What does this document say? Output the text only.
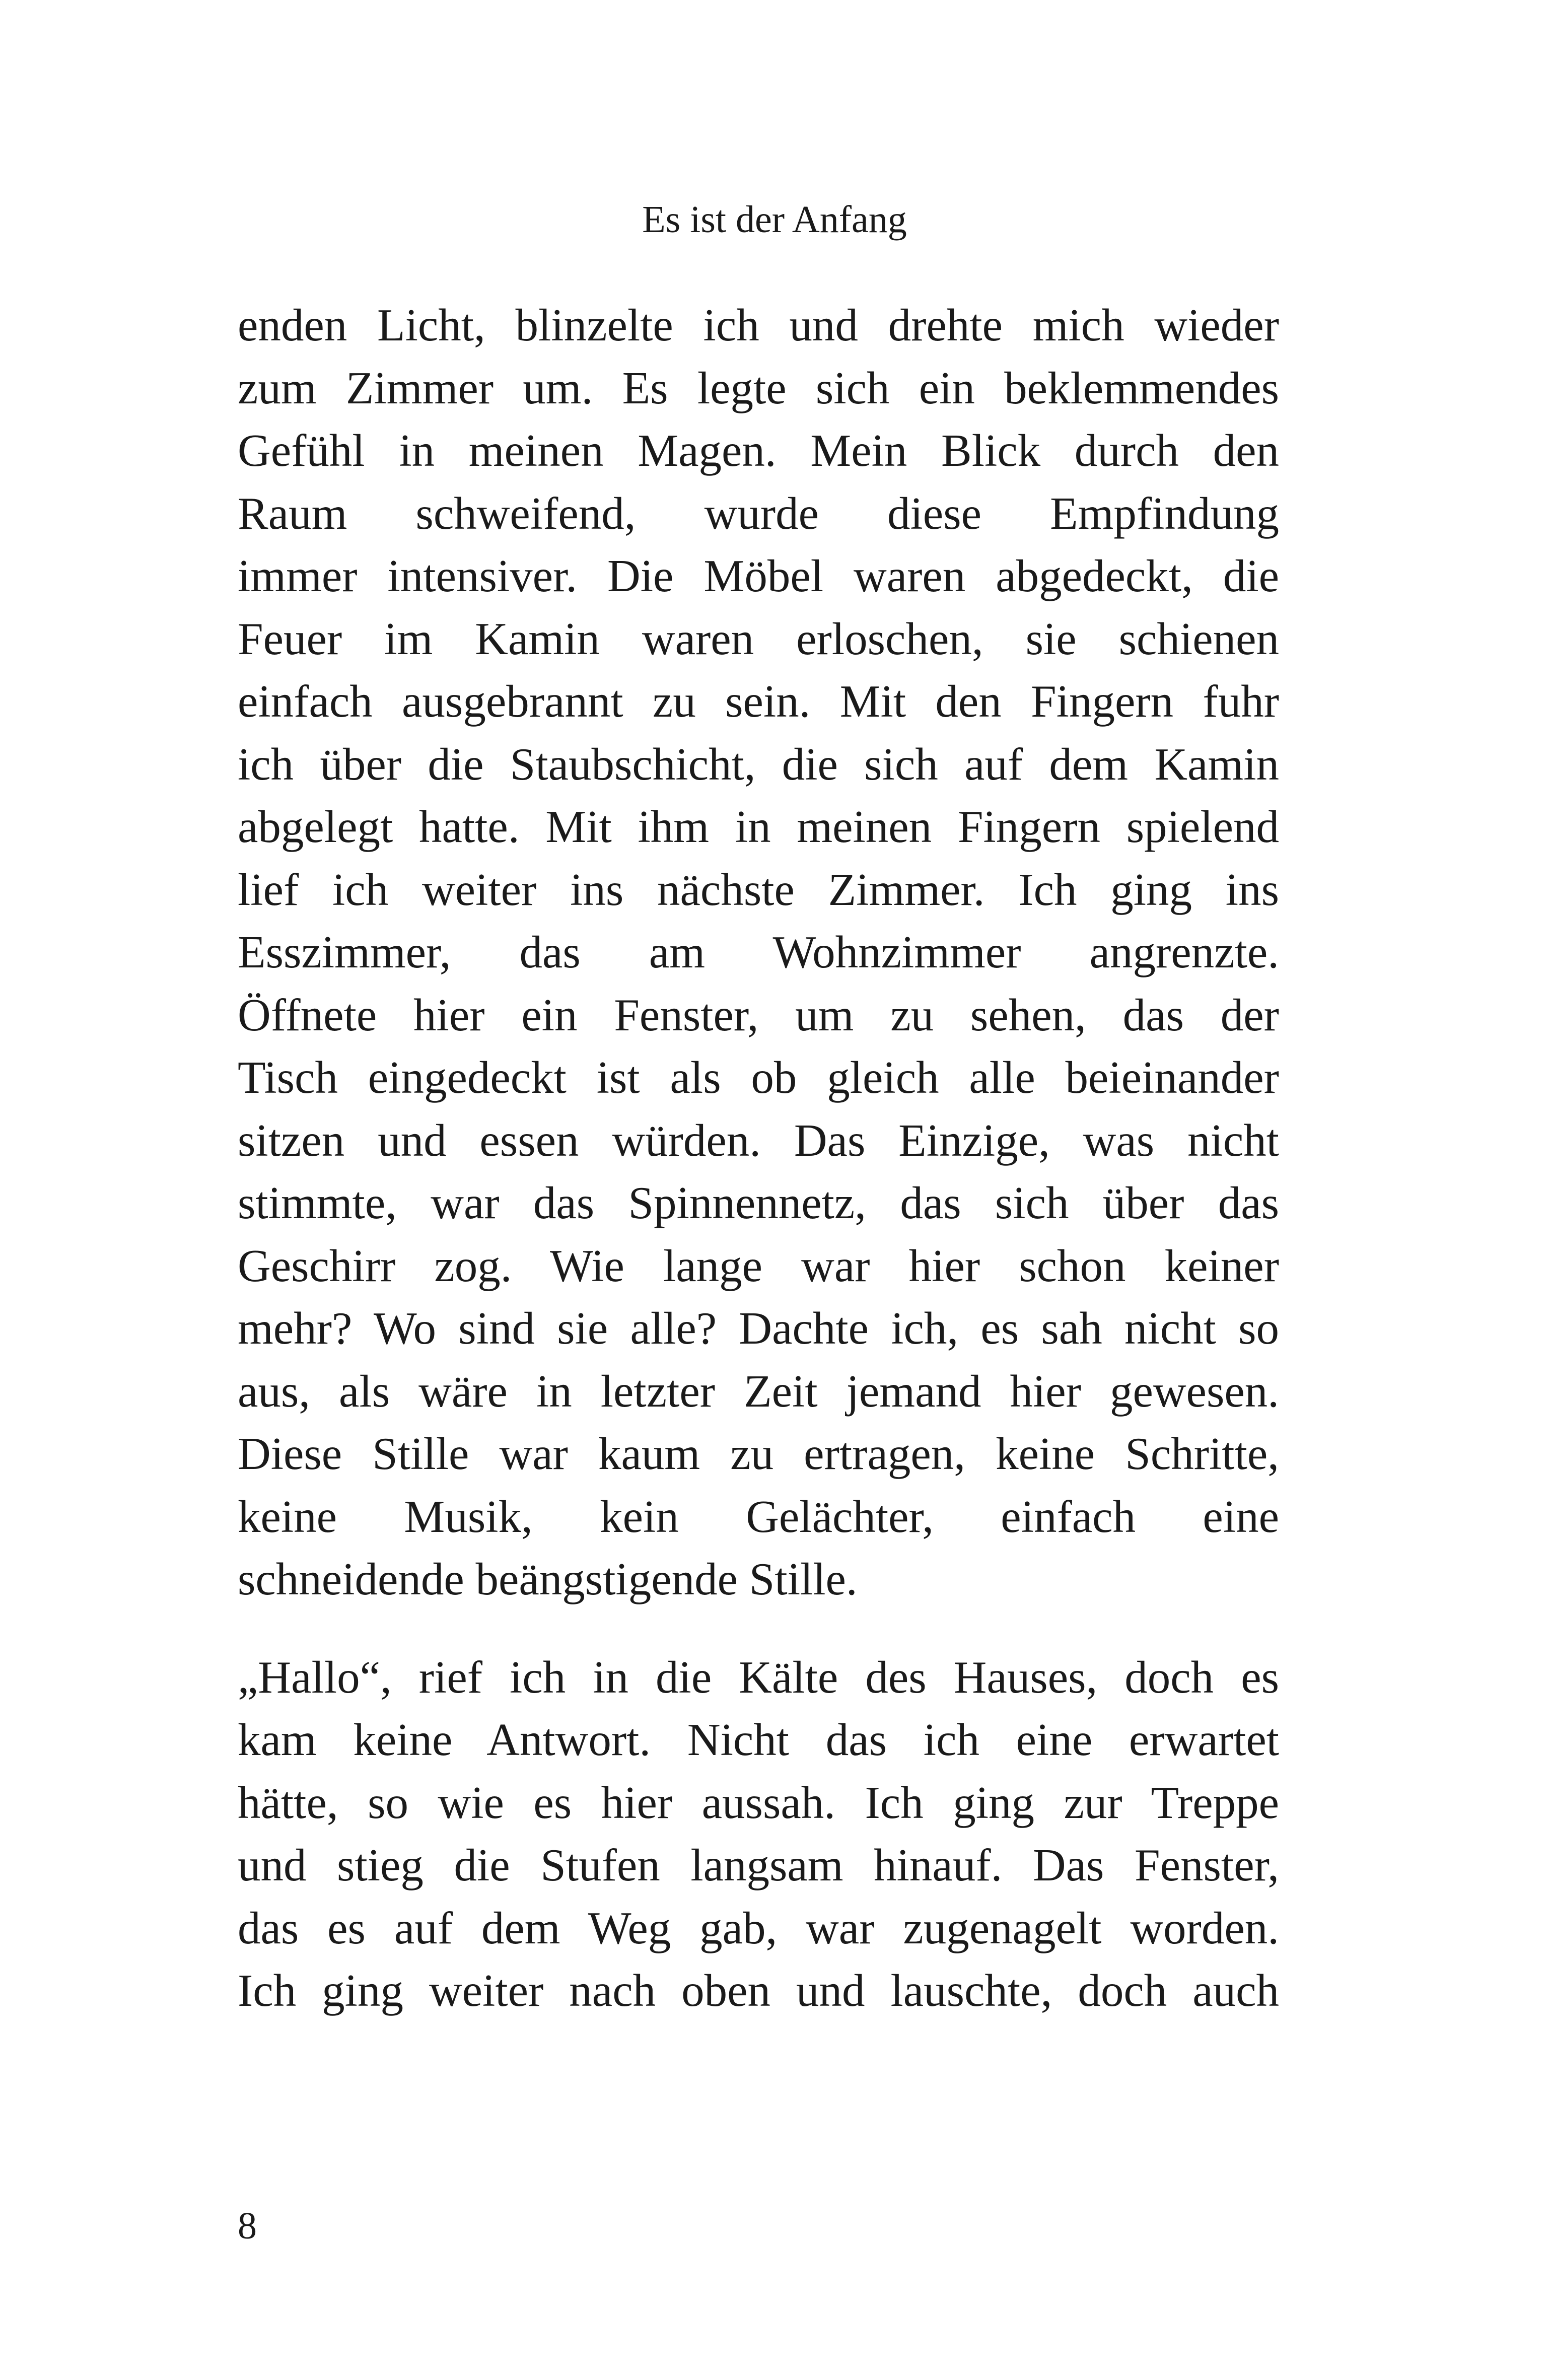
Es ist der Anfang
enden Licht, blinzelte ich und drehte mich wieder
zum Zimmer um. Es legte sich ein beklemmendes
Gefühl in meinen Magen. Mein Blick durch den
Raum schweifend, wurde diese Empfindung
immer intensiver. Die Möbel waren abgedeckt, die
Feuer im Kamin waren erloschen, sie schienen
einfach ausgebrannt zu sein. Mit den Fingern fuhr
ich über die Staubschicht, die sich auf dem Kamin
abgelegt hatte. Mit ihm in meinen Fingern spielend
lief ich weiter ins nächste Zimmer. Ich ging ins
Esszimmer, das am Wohnzimmer angrenzte.
Öffnete hier ein Fenster, um zu sehen, das der
Tisch eingedeckt ist als ob gleich alle beieinander
sitzen und essen würden. Das Einzige, was nicht
stimmte, war das Spinnennetz, das sich über das
Geschirr zog. Wie lange war hier schon keiner
mehr? Wo sind sie alle? Dachte ich, es sah nicht so
aus, als wäre in letzter Zeit jemand hier gewesen.
Diese Stille war kaum zu ertragen, keine Schritte,
keine Musik, kein Gelächter, einfach eine
schneidende beängstigende Stille.
„Hallo“, rief ich in die Kälte des Hauses, doch es
kam keine Antwort. Nicht das ich eine erwartet
hätte, so wie es hier aussah. Ich ging zur Treppe
und stieg die Stufen langsam hinauf. Das Fenster,
das es auf dem Weg gab, war zugenagelt worden.
Ich ging weiter nach oben und lauschte, doch auch
8
